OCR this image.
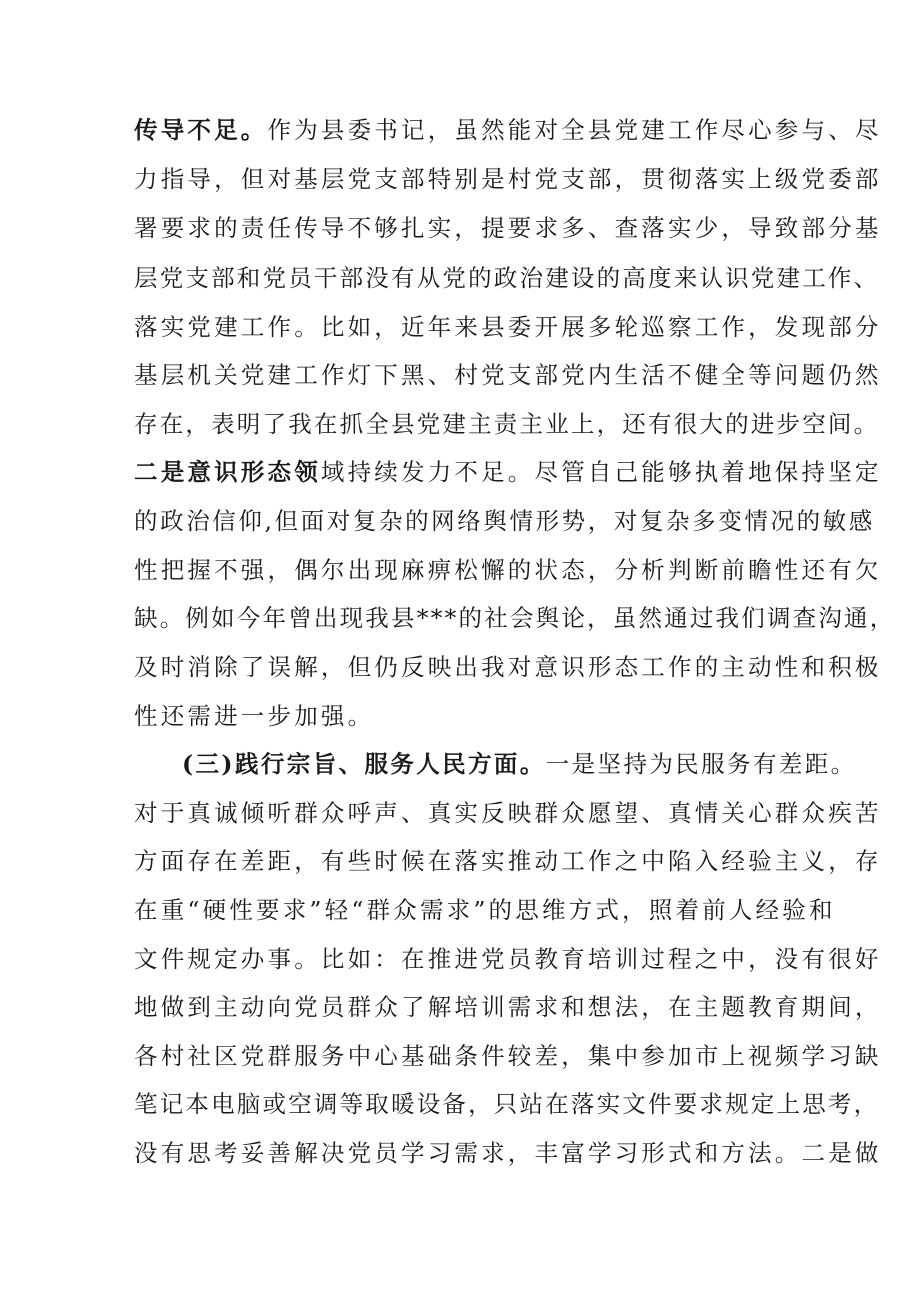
传导不足。作为县委书记，虽然能对全县党建工作尽心参与、尽
力指导，但对基层党支部特别是村党支部，贯彻落实上级党委部
署要求的责任传导不够扎实，提要求多、查落实少，导致部分基
层党支部和党员干部没有从党的政治建设的高度来认识党建工作、
落实党建工作。比如，近年来县委开展多轮巡察工作，发现部分
基层机关党建工作灯下黑、村党支部党内生活不健全等问题仍然
存在，表明了我在抓全县党建主责主业上，还有很大的进步空间。
二是意识形态领域持续发力不足。尽管自己能够执着地保持坚定
的政治信仰,但面对复杂的网络舆情形势，对复杂多变情况的敏感
性把握不强，偶尔出现麻痹松懈的状态，分析判断前瞻性还有欠
缺。例如今年曾出现我县***的社会舆论，虽然通过我们调查沟通，
及时消除了误解，但仍反映出我对意识形态工作的主动性和积极
性还需进一步加强。
(三)践行宗旨、服务人民方面。一是坚持为民服务有差距。
对于真诚倾听群众呼声、真实反映群众愿望、真情关心群众疾苦
方面存在差距，有些时候在落实推动工作之中陷入经验主义，存
在重“硬性要求”轻“群众需求”的思维方式，照着前人经验和
文件规定办事。比如：在推进党员教育培训过程之中，没有很好
地做到主动向党员群众了解培训需求和想法，在主题教育期间，
各村社区党群服务中心基础条件较差，集中参加市上视频学习缺
笔记本电脑或空调等取暖设备，只站在落实文件要求规定上思考，
没有思考妥善解决党员学习需求，丰富学习形式和方法。二是做
